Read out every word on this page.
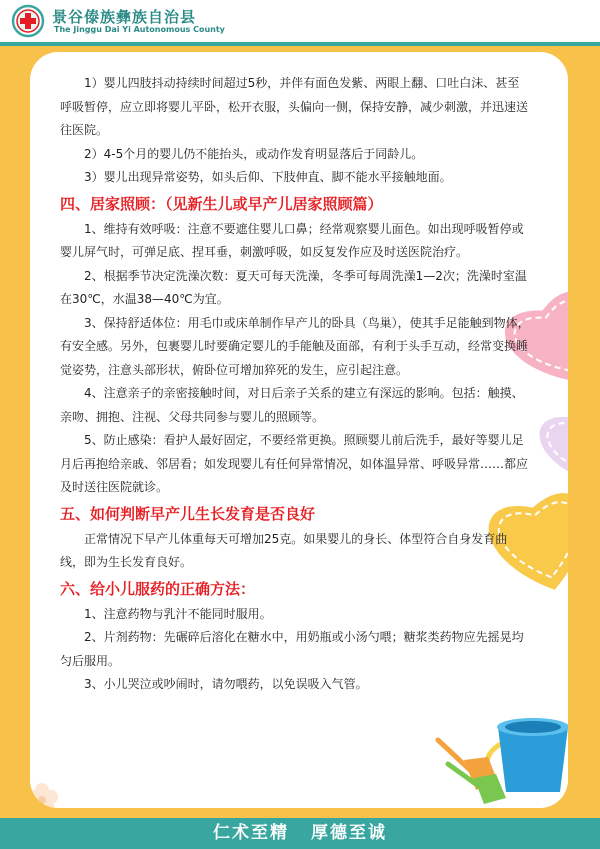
景谷傣族彝族自治县
The Jinggu Dai Yi Autonomous County

1）婴儿四肢抖动持续时间超过5秒，并伴有面色发紫、两眼上翻、口吐白沫、甚至呼吸暂停，应立即将婴儿平卧，松开衣服，头偏向一侧，保持安静，减少刺激，并迅速送往医院。

2）4-5个月的婴儿仍不能抬头，或动作发育明显落后于同龄儿。

3）婴儿出现异常姿势，如头后仰、下肢伸直、脚不能水平接触地面。

四、居家照顾：（见新生儿或早产儿居家照顾篇）

1、维持有效呼吸：注意不要遮住婴儿口鼻；经常观察婴儿面色。如出现呼吸暂停或婴儿屏气时，可弹足底、捏耳垂，刺激呼吸，如反复发作应及时送医院治疗。

2、根据季节决定洗澡次数：夏天可每天洗澡，冬季可每周洗澡1—2次；洗澡时室温在30℃，水温38—40℃为宜。

3、保持舒适体位：用毛巾或床单制作早产儿的卧具（鸟巢），使其手足能触到物体，有安全感。另外，包裹婴儿时要确定婴儿的手能触及面部，有利于头手互动，经常变换睡觉姿势，注意头部形状，俯卧位可增加猝死的发生，应引起注意。

4、注意亲子的亲密接触时间，对日后亲子关系的建立有深远的影响。包括：触摸、亲吻、拥抱、注视、父母共同参与婴儿的照顾等。

5、防止感染：看护人最好固定，不要经常更换。照顾婴儿前后洗手，最好等婴儿足月后再抱给亲戚、邻居看；如发现婴儿有任何异常情况，如体温异常、呼吸异常……都应及时送往医院就诊。

五、如何判断早产儿生长发育是否良好

正常情况下早产儿体重每天可增加25克。如果婴儿的身长、体型符合自身发育曲线，即为生长发育良好。

六、给小儿服药的正确方法：

1、注意药物与乳汁不能同时服用。

2、片剂药物：先碾碎后溶化在糖水中，用奶瓶或小汤勺喂；糖浆类药物应先摇晃均匀后服用。

3、小儿哭泣或吵闹时，请勿喂药，以免误吸入气管。

仁术至精 厚德至诚
